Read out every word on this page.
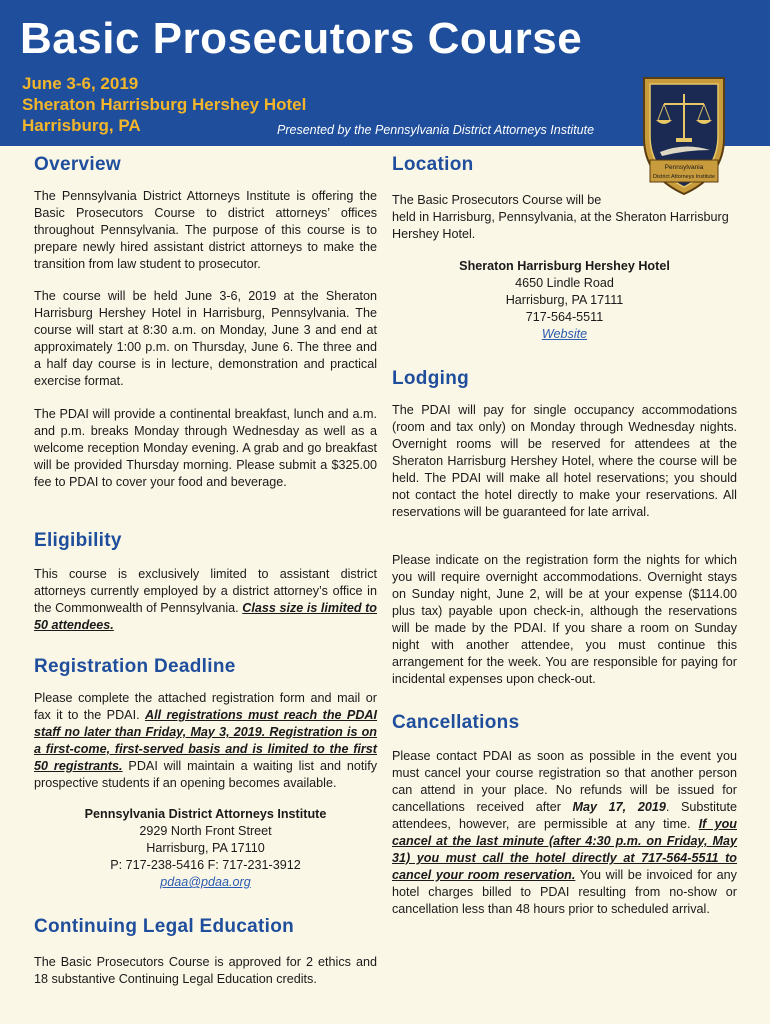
Basic Prosecutors Course
June 3-6, 2019
Sheraton Harrisburg Hershey Hotel
Harrisburg, PA	Presented by the Pennsylvania District Attorneys Institute
Pennsylvania
District Attorneys Institute
Overview

The Pennsylvania District Attorneys Institute is offering the Basic Prosecutors Course to district attorneys’ offices throughout Pennsylvania. The purpose of this course is to prepare newly hired assistant district attorneys to make the transition from law student to prosecutor.

The course will be held June 3-6, 2019 at the Sheraton Harrisburg Hershey Hotel in Harrisburg, Pennsylvania. The course will start at 8:30 a.m. on Monday, June 3 and end at approximately 1:00 p.m. on Thursday, June 6. The three and a half day course is in lecture, demonstration and practical exercise format.

The PDAI will provide a continental breakfast, lunch and a.m. and p.m. breaks Monday through Wednesday as well as a welcome reception Monday evening. A grab and go breakfast will be provided Thursday morning. Please submit a $325.00 fee to PDAI to cover your food and beverage.

Eligibility

This course is exclusively limited to assistant district attorneys currently employed by a district attorney’s office in the Commonwealth of Pennsylvania. Class size is limited to 50 attendees.

Registration Deadline

Please complete the attached registration form and mail or fax it to the PDAI. All registrations must reach the PDAI staff no later than Friday, May 3, 2019. Registration is on a first-come, first-served basis and is limited to the first 50 registrants. PDAI will maintain a waiting list and notify prospective students if an opening becomes available.

Pennsylvania District Attorneys Institute
2929 North Front Street
Harrisburg, PA 17110
P: 717-238-5416 F: 717-231-3912
pdaa@pdaa.org
Continuing Legal Education

The Basic Prosecutors Course is approved for 2 ethics and 18 substantive Continuing Legal Education credits.

Location

The Basic Prosecutors Course will be

held in Harrisburg, Pennsylvania, at the Sheraton Harrisburg Hershey Hotel.

Sheraton Harrisburg Hershey Hotel
4650 Lindle Road
Harrisburg, PA 17111
717-564-5511
Website
Lodging

The PDAI will pay for single occupancy accommodations (room and tax only) on Monday through Wednesday nights. Overnight rooms will be reserved for attendees at the Sheraton Harrisburg Hershey Hotel, where the course will be held. The PDAI will make all hotel reservations; you should not contact the hotel directly to make your reservations. All reservations will be guaranteed for late arrival.

Please indicate on the registration form the nights for which you will require overnight accommodations. Overnight stays on Sunday night, June 2, will be at your expense ($114.00 plus tax) payable upon check-in, although the reservations will be made by the PDAI. If you share a room on Sunday night with another attendee, you must continue this arrangement for the week. You are responsible for paying for incidental expenses upon check-out.

Cancellations

Please contact PDAI as soon as possible in the event you must cancel your course registration so that another person can attend in your place. No refunds will be issued for cancellations received after May 17, 2019. Substitute attendees, however, are permissible at any time. If you cancel at the last minute (after 4:30 p.m. on Friday, May 31) you must call the hotel directly at 717-564-5511 to cancel your room reservation. You will be invoiced for any hotel charges billed to PDAI resulting from no-show or cancellation less than 48 hours prior to scheduled arrival.
